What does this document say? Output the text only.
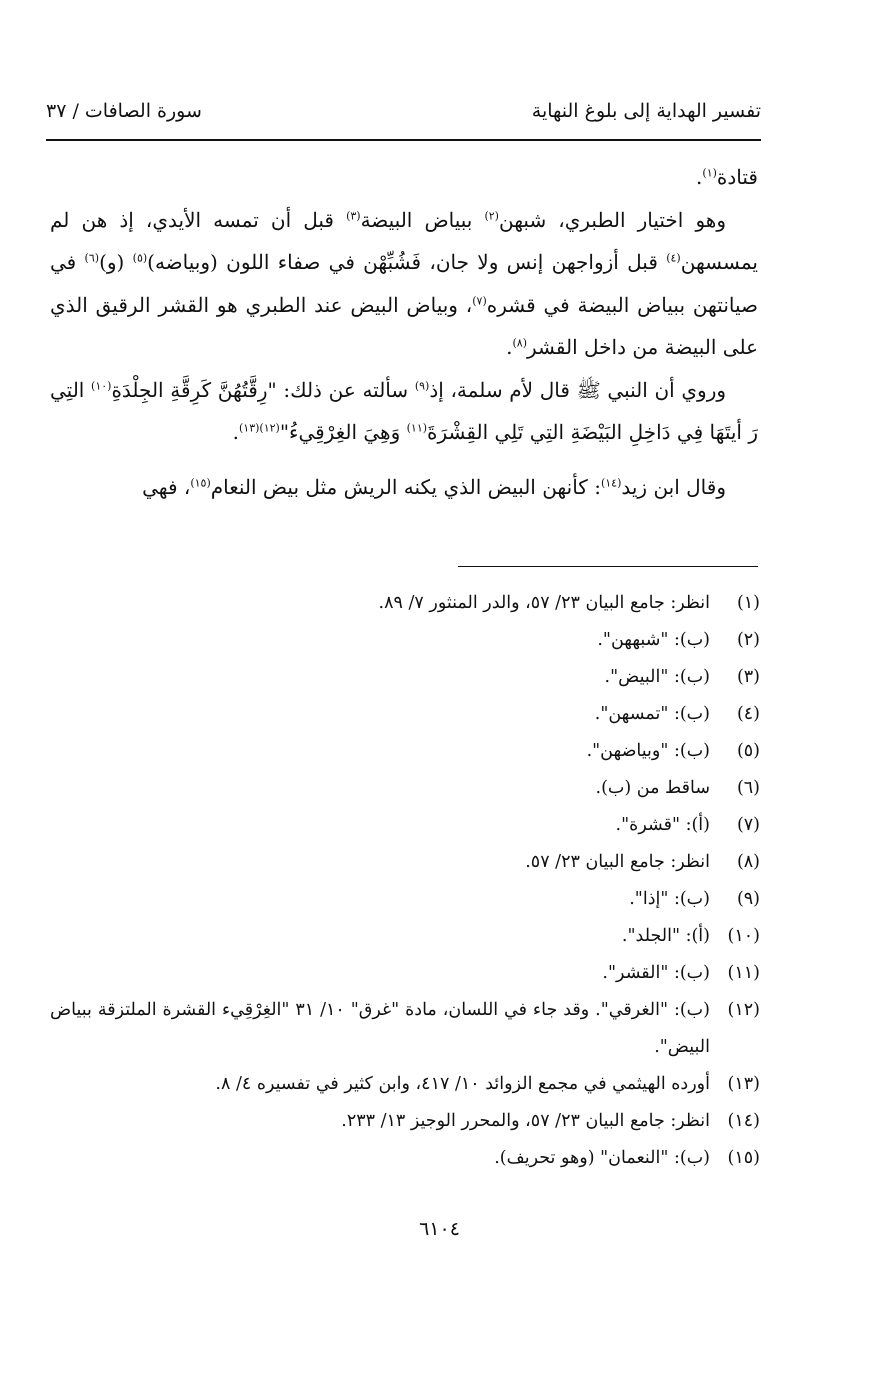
تفسير الهداية إلى بلوغ النهاية
سورة الصافات / ٣٧

قتادة$^{(١)}$.

وهو اختيار الطبري، شبهن$^{(٢)}$ ببياض البيضة$^{(٣)}$ قبل أن تمسه الأيدي، إذ هن لم يمسسهن$^{(٤)}$ قبل أزواجهن إنس ولا جان، فَشُبِّهْن في صفاء اللون (وبياضه)$^{(٥)}$ (و)$^{(٦)}$ في صيانتهن ببياض البيضة في قشره$^{(٧)}$، وبياض البيض عند الطبري هو القشر الرقيق الذي على البيضة من داخل القشر$^{(٨)}$.

وروي أن النبي ﷺ قال لأم سلمة، إذ$^{(٩)}$ سألته عن ذلك: "رِقَّتُهُنَّ كَرِقَّةِ الجِلْدَةِ$^{(١٠)}$ التِي رَ أيتَهَا فِي دَاخِلِ البَيْضَةِ التِي تَلِي القِشْرَةَ$^{(١١)}$ وَهِيَ الغِرْقِيءُ"$^{(١٢)(١٣)}$.

وقال ابن زيد$^{(١٤)}$: كأنهن البيض الذي يكنه الريش مثل بيض النعام$^{(١٥)}$، فهي

(١)
انظر: جامع البيان ٢٣/ ٥٧، والدر المنثور ٧/ ٨٩.
(٢)
(ب): "شبههن".
(٣)
(ب): "البيض".
(٤)
(ب): "تمسهن".
(٥)
(ب): "وبياضهن".
(٦)
ساقط من (ب).
(٧)
(أ): "قشرة".
(٨)
انظر: جامع البيان ٢٣/ ٥٧.
(٩)
(ب): "إذا".
(١٠)
(أ): "الجلد".
(١١)
(ب): "القشر".
(١٢)
(ب): "الغرقي". وقد جاء في اللسان، مادة "غرق" ١٠/ ٣١ "الغِرْقِيء القشرة الملتزقة ببياض البيض".
(١٣)
أورده الهيثمي في مجمع الزوائد ١٠/ ٤١٧، وابن كثير في تفسيره ٤/ ٨.
(١٤)
انظر: جامع البيان ٢٣/ ٥٧، والمحرر الوجيز ١٣/ ٢٣٣.
(١٥)
(ب): "النعمان" (وهو تحريف).
٦١٠٤
